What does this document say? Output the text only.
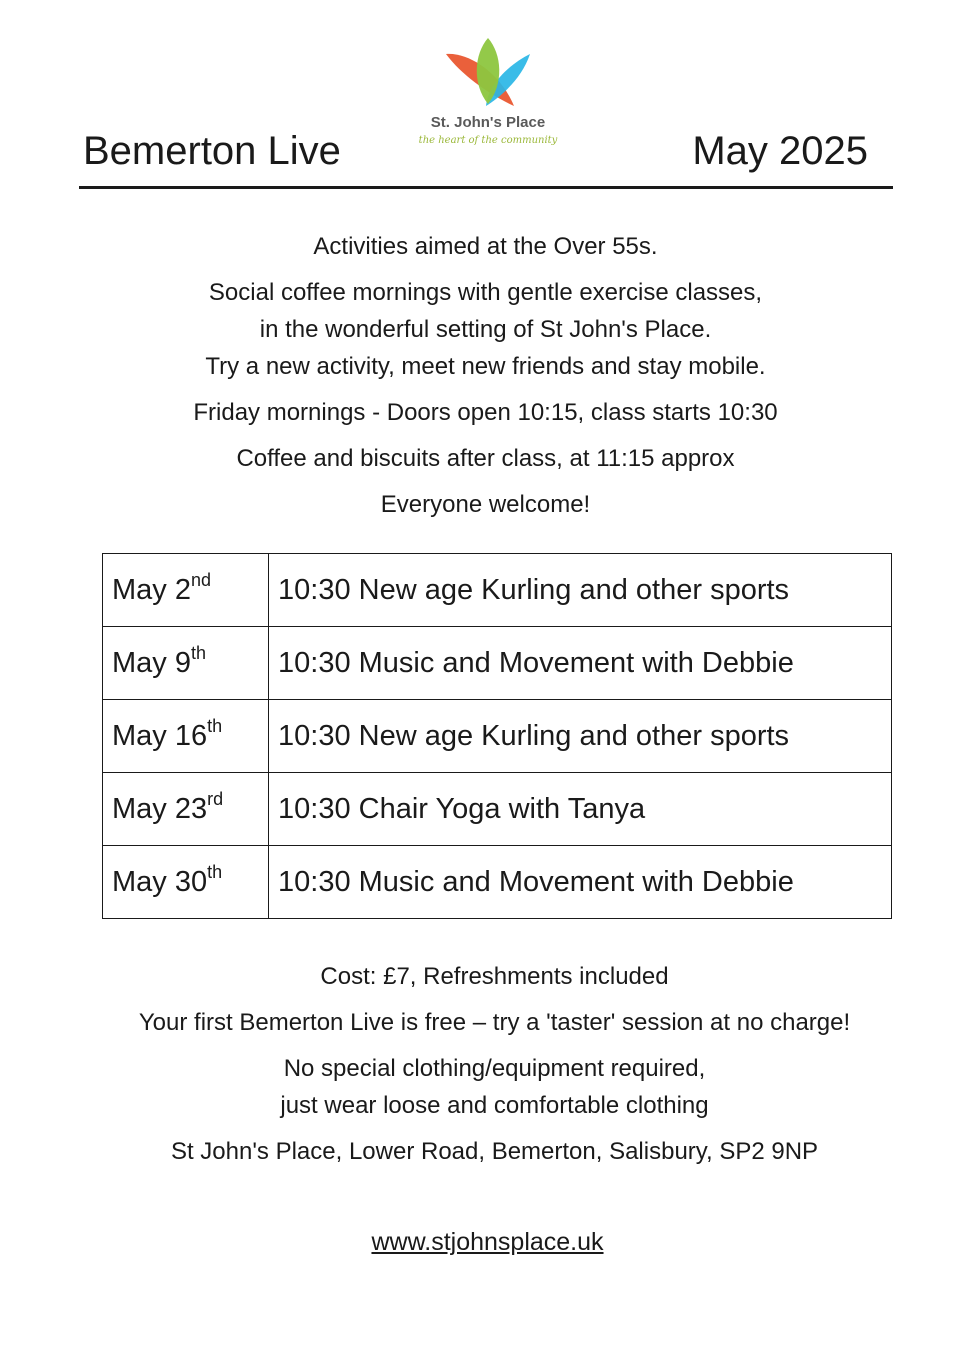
Bemerton Live
St. John's Place
the heart of the community	May 2025

Activities aimed at the Over 55s.

Social coffee mornings with gentle exercise classes,

in the wonderful setting of St John's Place.

Try a new activity, meet new friends and stay mobile.

Friday mornings - Doors open 10:15, class starts 10:30

Coffee and biscuits after class, at 11:15 approx

Everyone welcome!

May 2nd	10:30 New age Kurling and other sports
May 9th	10:30 Music and Movement with Debbie
May 16th	10:30 New age Kurling and other sports
May 23rd	10:30 Chair Yoga with Tanya
May 30th	10:30 Music and Movement with Debbie

Cost: £7, Refreshments included

Your first Bemerton Live is free – try a 'taster' session at no charge!

No special clothing/equipment required,

just wear loose and comfortable clothing

St John's Place, Lower Road, Bemerton, Salisbury, SP2 9NP

www.stjohnsplace.uk
